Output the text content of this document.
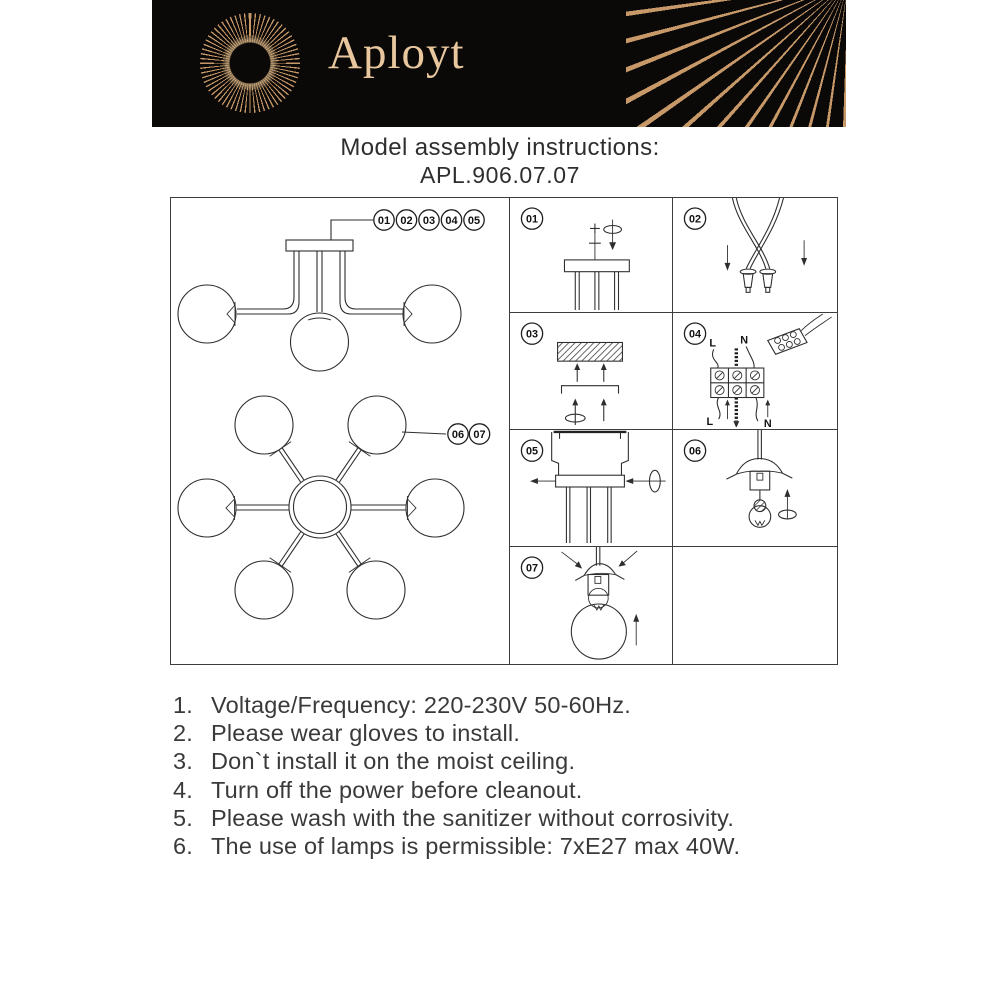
Aployt
Model assembly instructions:
APL.906.07.07
01 02 03 04 05
06 07
01	02
03	04
L N
L	N
05	06
07
1. Voltage/Frequency: 220-230V 50-60Hz.
2. Please wear gloves to install.
3. Don`t install it on the moist ceiling.
4. Turn off the power before cleanout.
5. Please wash with the sanitizer without corrosivity.
6. The use of lamps is permissible: 7xE27 max 40W.
